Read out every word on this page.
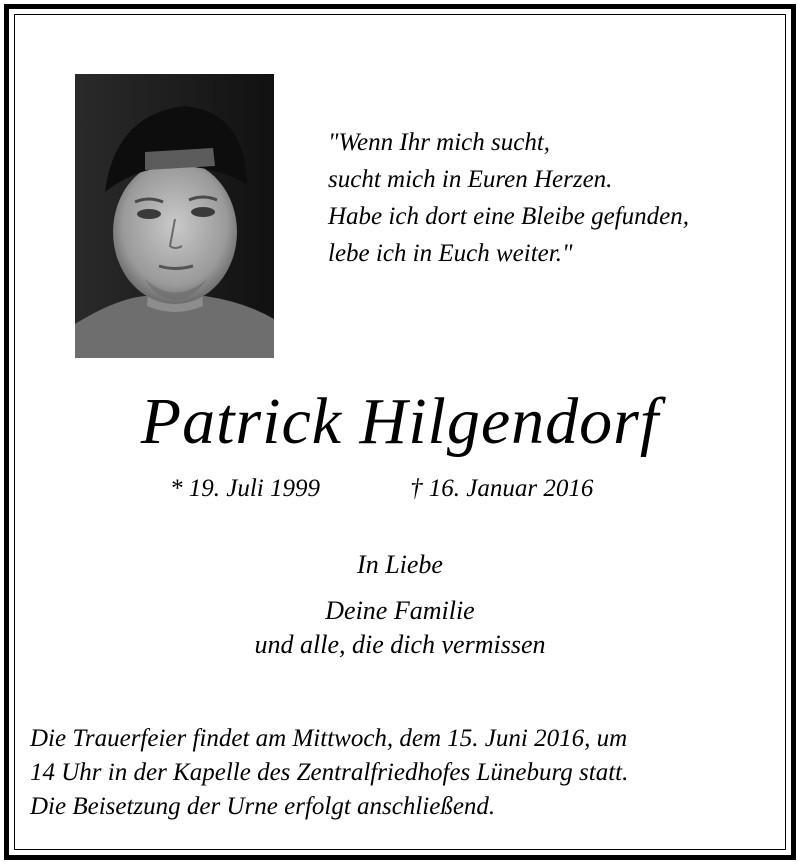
"Wenn Ihr mich sucht,
sucht mich in Euren Herzen.
Habe ich dort eine Bleibe gefunden,
lebe ich in Euch weiter."
Patrick Hilgendorf
* 19. Juli 1999	† 16. Januar 2016
In Liebe
Deine Familie
und alle, die dich vermissen
Die Trauerfeier findet am Mittwoch, dem 15. Juni 2016, um
14 Uhr in der Kapelle des Zentralfriedhofes Lüneburg statt.
Die Beisetzung der Urne erfolgt anschließend.
